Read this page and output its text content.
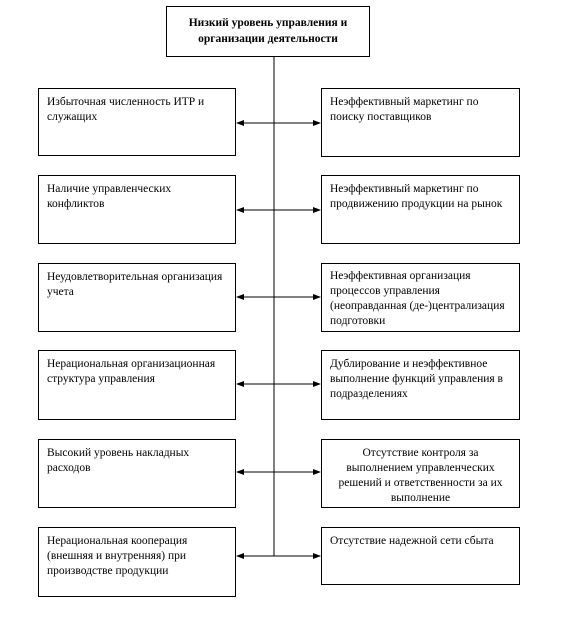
Низкий уровень управления и организации деятельности
Избыточная численность ИТР и служащих
Наличие управленческих конфликтов
Неудовлетворительная организация учета
Нерациональная организационная структура управления
Высокий уровень накладных расходов
Нерациональная кооперация (внешняя и внутренняя) при производстве продукции
Неэффективный маркетинг по поиску поставщиков
Неэффективный маркетинг по продвижению продукции на рынок
Неэффективная организация процессов управления (неоправданная (де-)централизация подготовки
Дублирование и неэффективное выполнение функций управления в подразделениях
Отсутствие контроля за выполнением управленческих решений и ответственности за их выполнение
Отсутствие надежной сети сбыта
